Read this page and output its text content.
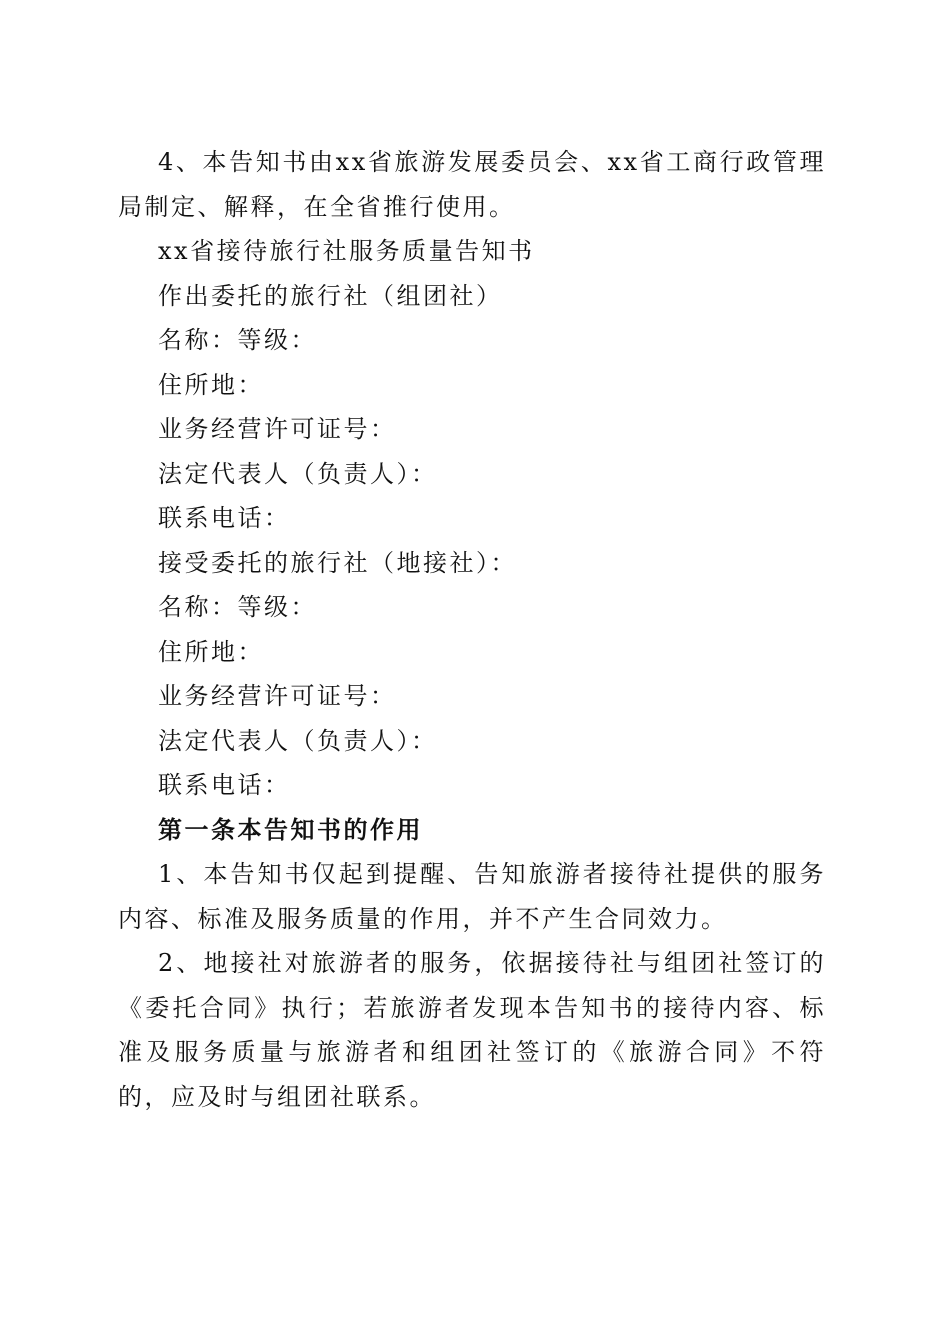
4、本告知书由xx省旅游发展委员会、xx省工商行政管理局制定、解释，在全省推行使用。

xx省接待旅行社服务质量告知书

作出委托的旅行社（组团社）

名称：等级：

住所地：

业务经营许可证号：

法定代表人（负责人）：

联系电话：

接受委托的旅行社（地接社）：

名称：等级：

住所地：

业务经营许可证号：

法定代表人（负责人）：

联系电话：

第一条本告知书的作用

1、本告知书仅起到提醒、告知旅游者接待社提供的服务内容、标准及服务质量的作用，并不产生合同效力。

2、地接社对旅游者的服务，依据接待社与组团社签订的《委托合同》执行；若旅游者发现本告知书的接待内容、标准及服务质量与旅游者和组团社签订的《旅游合同》不符的，应及时与组团社联系。
